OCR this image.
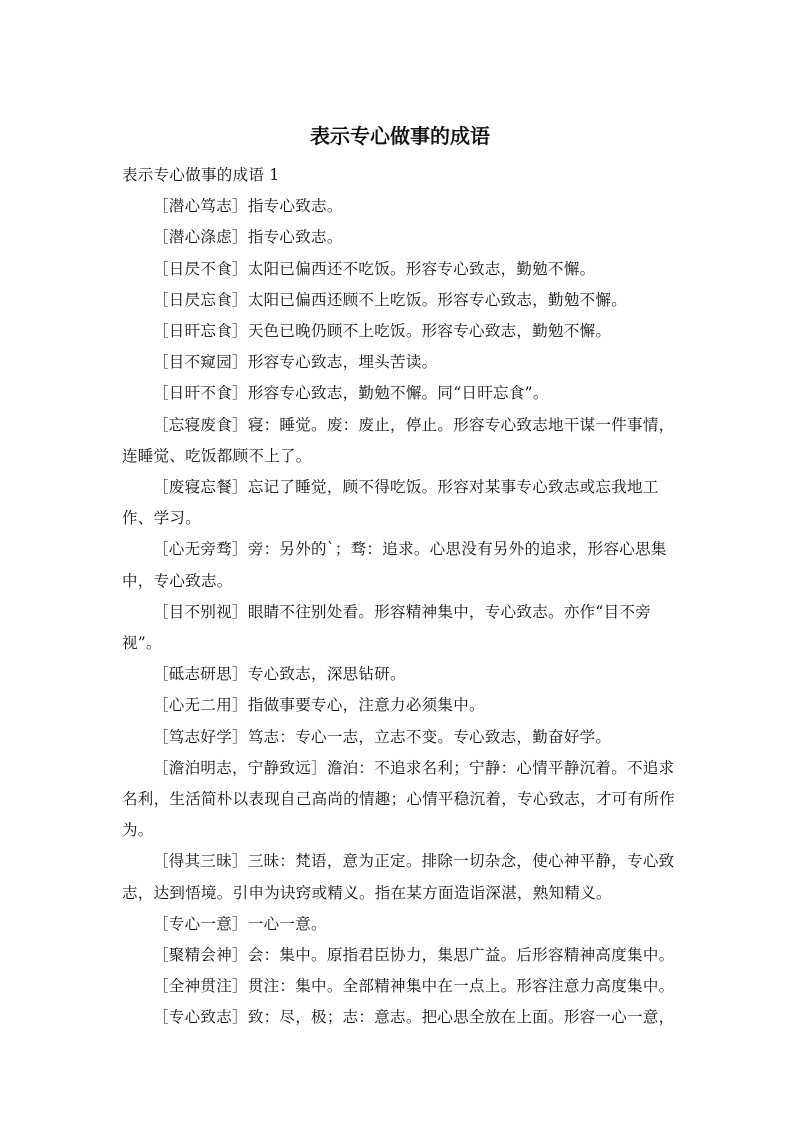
表示专心做事的成语

表示专心做事的成语 1

［潜心笃志］指专心致志。

［潜心涤虑］指专心致志。

［日昃不食］太阳已偏西还不吃饭。形容专心致志，勤勉不懈。

［日昃忘食］太阳已偏西还顾不上吃饭。形容专心致志，勤勉不懈。

［日旰忘食］天色已晚仍顾不上吃饭。形容专心致志，勤勉不懈。

［目不窥园］形容专心致志，埋头苦读。

［日旰不食］形容专心致志，勤勉不懈。同“日旰忘食”。

［忘寝废食］寝：睡觉。废：废止，停止。形容专心致志地干谋一件事情，连睡觉、吃饭都顾不上了。

［废寝忘餐］忘记了睡觉，顾不得吃饭。形容对某事专心致志或忘我地工作、学习。

［心无旁骛］旁：另外的`；骛：追求。心思没有另外的追求，形容心思集中，专心致志。

［目不别视］眼睛不往别处看。形容精神集中，专心致志。亦作“目不旁视”。

［砥志研思］专心致志，深思钻研。

［心无二用］指做事要专心，注意力必须集中。

［笃志好学］笃志：专心一志，立志不变。专心致志，勤奋好学。

［澹泊明志，宁静致远］澹泊：不追求名利；宁静：心情平静沉着。不追求名利，生活简朴以表现自己高尚的情趣；心情平稳沉着，专心致志，才可有所作为。

［得其三昧］三昧：梵语，意为正定。排除一切杂念，使心神平静，专心致志，达到悟境。引申为诀窍或精义。指在某方面造诣深湛，熟知精义。

［专心一意］一心一意。

［聚精会神］会：集中。原指君臣协力，集思广益。后形容精神高度集中。

［全神贯注］贯注：集中。全部精神集中在一点上。形容注意力高度集中。

［专心致志］致：尽，极；志：意志。把心思全放在上面。形容一心一意，
